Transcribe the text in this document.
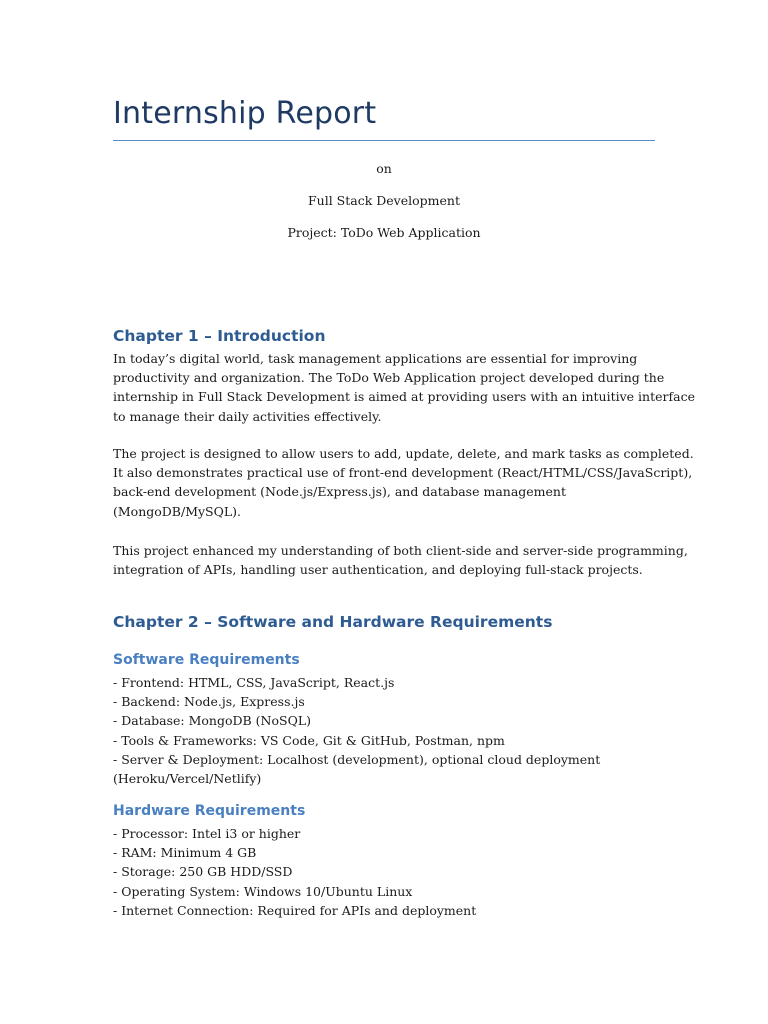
Internship Report

on

Full Stack Development

Project: ToDo Web Application

Chapter 1 – Introduction
In today’s digital world, task management applications are essential for improving
productivity and organization. The ToDo Web Application project developed during the
internship in Full Stack Development is aimed at providing users with an intuitive interface
to manage their daily activities effectively.
The project is designed to allow users to add, update, delete, and mark tasks as completed.
It also demonstrates practical use of front-end development (React/HTML/CSS/JavaScript),
back-end development (Node.js/Express.js), and database management
(MongoDB/MySQL).
This project enhanced my understanding of both client-side and server-side programming,
integration of APIs, handling user authentication, and deploying full-stack projects.
Chapter 2 – Software and Hardware Requirements
Software Requirements
- Frontend: HTML, CSS, JavaScript, React.js
- Backend: Node.js, Express.js
- Database: MongoDB (NoSQL)
- Tools & Frameworks: VS Code, Git & GitHub, Postman, npm
- Server & Deployment: Localhost (development), optional cloud deployment
(Heroku/Vercel/Netlify)
Hardware Requirements
- Processor: Intel i3 or higher
- RAM: Minimum 4 GB
- Storage: 250 GB HDD/SSD
- Operating System: Windows 10/Ubuntu Linux
- Internet Connection: Required for APIs and deployment
